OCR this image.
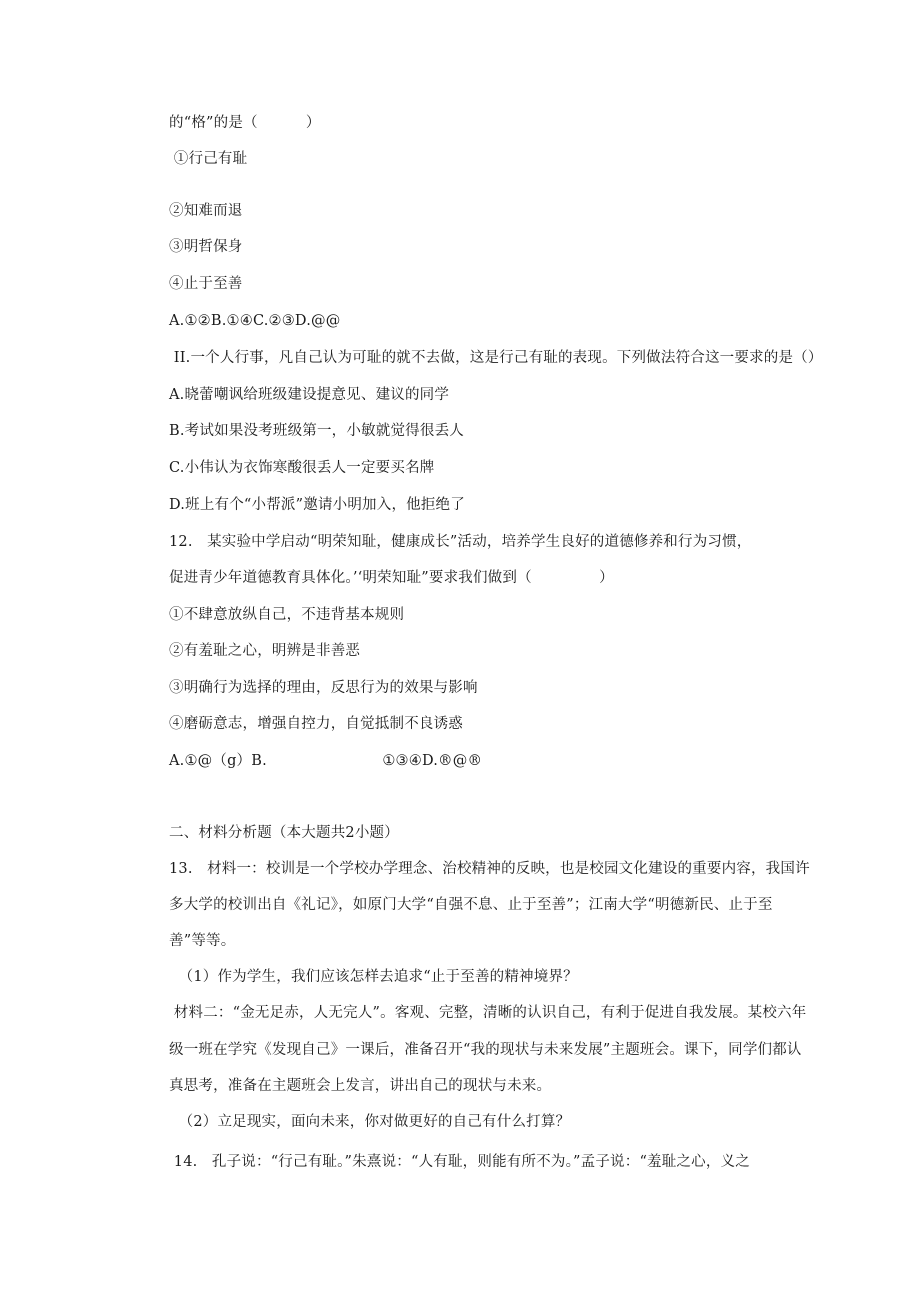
的“格”的是（          ）
①行己有耻
②知难而退
③明哲保身
④止于至善
A.①②B.①④C.②③D.@@
II.一个人行事，凡自己认为可耻的就不去做，这是行己有耻的表现。下列做法符合这一要求的是（）
A.晓蕾嘲讽给班级建设提意见、建议的同学
B.考试如果没考班级第一，小敏就觉得很丢人
C.小伟认为衣饰寒酸很丢人一定要买名牌
D.班上有个“小帮派”邀请小明加入，他拒绝了
12.   某实验中学启动“明荣知耻，健康成长”活动，培养学生良好的道德修养和行为习惯，
促进青少年道德教育具体化。’‘明荣知耻”要求我们做到（              ）
①不肆意放纵自己，不违背基本规则
②有羞耻之心，明辨是非善恶
③明确行为选择的理由，反思行为的效果与影响
④磨砺意志，增强自控力，自觉抵制不良诱惑
A.①@（g）B.                        ①③④D.®@®
二、材料分析题（本大题共2小题）
13.   材料一：校训是一个学校办学理念、治校精神的反映，也是校园文化建设的重要内容，我国许
多大学的校训出自《礼记》，如原门大学“自强不息、止于至善”；江南大学“明德新民、止于至
善”等等。
（1）作为学生，我们应该怎样去追求“止于至善的精神境界？
材料二：“金无足赤，人无完人”。客观、完整，清晰的认识自己，有利于促进自我发展。某校六年
级一班在学究《发现自己》一课后，准备召开“我的现状与未来发展”主题班会。课下，同学们都认
真思考，准备在主题班会上发言，讲出自己的现状与未来。
（2）立足现实，面向未来，你对做更好的自己有什么打算？
14.   孔子说：“行己有耻。”朱熹说：“人有耻，则能有所不为。”孟子说：“羞耻之心，义之
